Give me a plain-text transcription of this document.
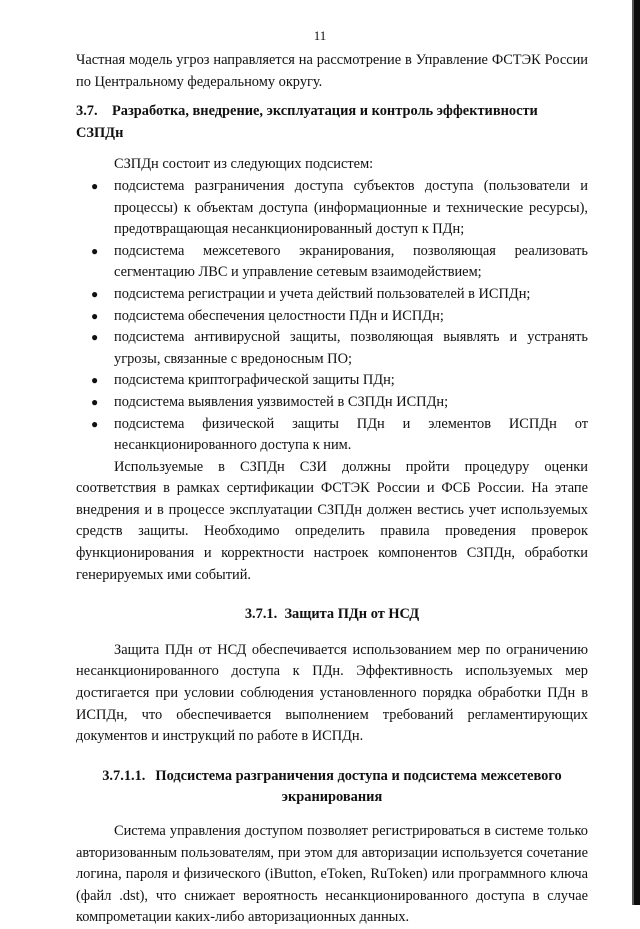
11

Частная модель угроз направляется на рассмотрение в Управление ФСТЭК России по Центральному федеральному округу.

3.7. Разработка, внедрение, эксплуатация и контроль эффективности СЗПДн

СЗПДн состоит из следующих подсистем:

● подсистема разграничения доступа субъектов доступа (пользователи и процессы) к объектам доступа (информационные и технические ресурсы), предотвращающая несанкционированный доступ к ПДн;
● подсистема межсетевого экранирования, позволяющая реализовать сегментацию ЛВС и управление сетевым взаимодействием;
● подсистема регистрации и учета действий пользователей в ИСПДн;
● подсистема обеспечения целостности ПДн и ИСПДн;
● подсистема антивирусной защиты, позволяющая выявлять и устранять угрозы, связанные с вредоносным ПО;
● подсистема криптографической защиты ПДн;
● подсистема выявления уязвимостей в СЗПДн ИСПДн;
● подсистема физической защиты ПДн и элементов ИСПДн от несанкционированного доступа к ним.

Используемые в СЗПДн СЗИ должны пройти процедуру оценки соответствия в рамках сертификации ФСТЭК России и ФСБ России. На этапе внедрения и в процессе эксплуатации СЗПДн должен вестись учет используемых средств защиты. Необходимо определить правила проведения проверок функционирования и корректности настроек компонентов СЗПДн, обработки генерируемых ими событий.

3.7.1. Защита ПДн от НСД

Защита ПДн от НСД обеспечивается использованием мер по ограничению несанкционированного доступа к ПДн. Эффективность используемых мер достигается при условии соблюдения установленного порядка обработки ПДн в ИСПДн, что обеспечивается выполнением требований регламентирующих документов и инструкций по работе в ИСПДн.

3.7.1.1. Подсистема разграничения доступа и подсистема межсетевого
экранирования

Система управления доступом позволяет регистрироваться в системе только авторизованным пользователям, при этом для авторизации используется сочетание логина, пароля и физического (iButton, eToken, RuToken) или программного ключа (файл .dst), что снижает вероятность несанкционированного доступа в случае компрометации каких-либо авторизационных данных.
